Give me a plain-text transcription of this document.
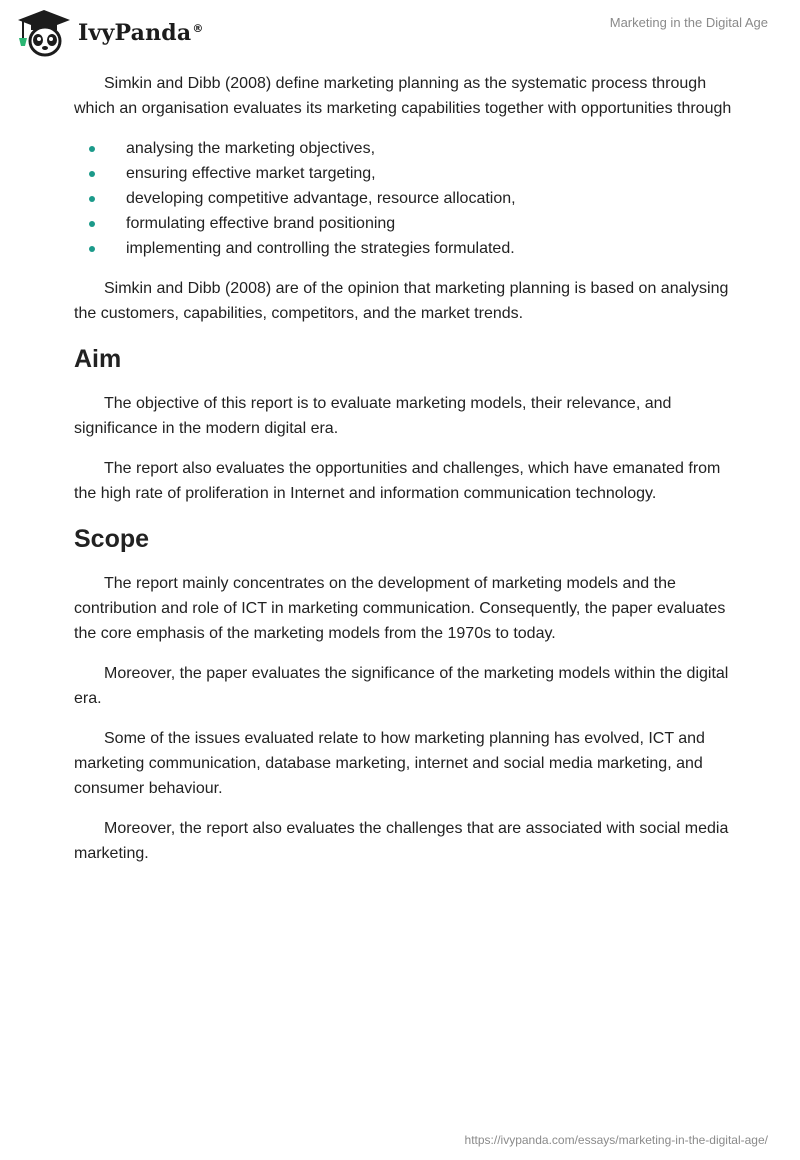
IvyPanda®	Marketing in the Digital Age

Simkin and Dibb (2008) define marketing planning as the systematic process through which an organisation evaluates its marketing capabilities together with opportunities through

analysing the marketing objectives,
ensuring effective market targeting,
developing competitive advantage, resource allocation,
formulating effective brand positioning
implementing and controlling the strategies formulated.

Simkin and Dibb (2008) are of the opinion that marketing planning is based on analysing the customers, capabilities, competitors, and the market trends.

Aim

The objective of this report is to evaluate marketing models, their relevance, and significance in the modern digital era.

The report also evaluates the opportunities and challenges, which have emanated from the high rate of proliferation in Internet and information communication technology.

Scope

The report mainly concentrates on the development of marketing models and the contribution and role of ICT in marketing communication. Consequently, the paper evaluates the core emphasis of the marketing models from the 1970s to today.

Moreover, the paper evaluates the significance of the marketing models within the digital era.

Some of the issues evaluated relate to how marketing planning has evolved, ICT and marketing communication, database marketing, internet and social media marketing, and consumer behaviour.

Moreover, the report also evaluates the challenges that are associated with social media marketing.

https://ivypanda.com/essays/marketing-in-the-digital-age/
